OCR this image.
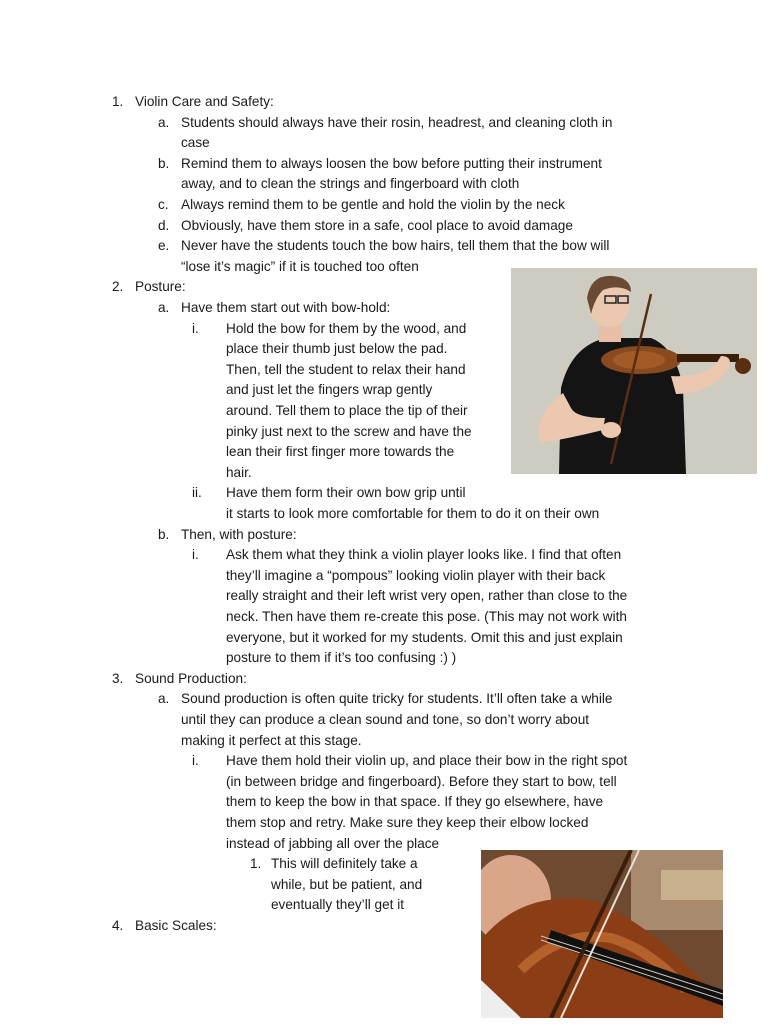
1. Violin Care and Safety:
a. Students should always have their rosin, headrest, and cleaning cloth in
case
b. Remind them to always loosen the bow before putting their instrument
away, and to clean the strings and fingerboard with cloth
c. Always remind them to be gentle and hold the violin by the neck
d. Obviously, have them store in a safe, cool place to avoid damage
e. Never have the students touch the bow hairs, tell them that the bow will
“lose it’s magic” if it is touched too often
2. Posture:
a. Have them start out with bow-hold:
i. Hold the bow for them by the wood, and
place their thumb just below the pad.
Then, tell the student to relax their hand
and just let the fingers wrap gently
around. Tell them to place the tip of their
pinky just next to the screw and have the
lean their first finger more towards the
hair.
ii. Have them form their own bow grip until
it starts to look more comfortable for them to do it on their own
b. Then, with posture:
i. Ask them what they think a violin player looks like. I find that often
they’ll imagine a “pompous” looking violin player with their back
really straight and their left wrist very open, rather than close to the
neck. Then have them re-create this pose. (This may not work with
everyone, but it worked for my students. Omit this and just explain
posture to them if it’s too confusing :) )
3. Sound Production:
a. Sound production is often quite tricky for students. It’ll often take a while
until they can produce a clean sound and tone, so don’t worry about
making it perfect at this stage.
i. Have them hold their violin up, and place their bow in the right spot
(in between bridge and fingerboard). Before they start to bow, tell
them to keep the bow in that space. If they go elsewhere, have
them stop and retry. Make sure they keep their elbow locked
instead of jabbing all over the place
1. This will definitely take a
while, but be patient, and
eventually they’ll get it
4. Basic Scales:
